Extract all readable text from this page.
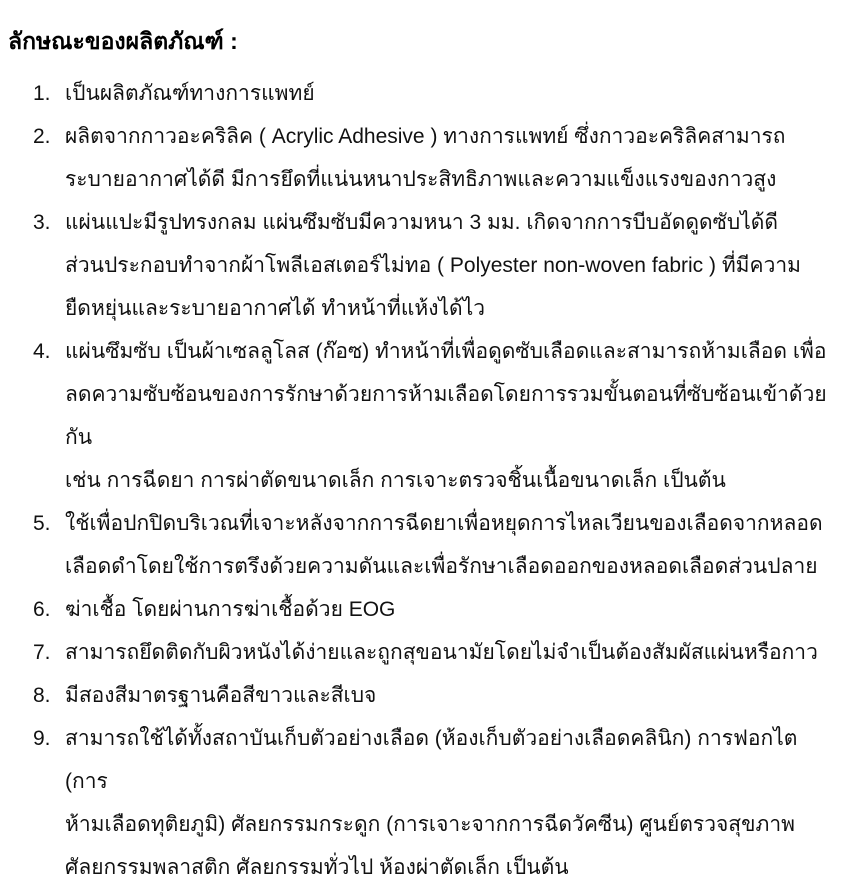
ลักษณะของผลิตภัณฑ์ :
1. เป็นผลิตภัณฑ์ทางการแพทย์
2. ผลิตจากกาวอะคริลิค ( Acrylic Adhesive ) ทางการแพทย์ ซึ่งกาวอะคริลิคสามารถ
ระบายอากาศได้ดี มีการยึดที่แน่นหนาประสิทธิภาพและความแข็งแรงของกาวสูง
3. แผ่นแปะมีรูปทรงกลม แผ่นซึมซับมีความหนา 3 มม. เกิดจากการบีบอัดดูดซับได้ดี
ส่วนประกอบทำจากผ้าโพลีเอสเตอร์ไม่ทอ ( Polyester non-woven fabric ) ที่มีความ
ยืดหยุ่นและระบายอากาศได้ ทำหน้าที่แห้งได้ไว
4. แผ่นซึมซับ เป็นผ้าเซลลูโลส (ก๊อซ) ทำหน้าที่เพื่อดูดซับเลือดและสามารถห้ามเลือด เพื่อ
ลดความซับซ้อนของการรักษาด้วยการห้ามเลือดโดยการรวมขั้นตอนที่ซับซ้อนเข้าด้วยกัน
เช่น การฉีดยา การผ่าตัดขนาดเล็ก การเจาะตรวจชิ้นเนื้อขนาดเล็ก เป็นต้น
5. ใช้เพื่อปกปิดบริเวณที่เจาะหลังจากการฉีดยาเพื่อหยุดการไหลเวียนของเลือดจากหลอด
เลือดดำโดยใช้การตรึงด้วยความดันและเพื่อรักษาเลือดออกของหลอดเลือดส่วนปลาย
6. ฆ่าเชื้อ โดยผ่านการฆ่าเชื้อด้วย EOG
7. สามารถยึดติดกับผิวหนังได้ง่ายและถูกสุขอนามัยโดยไม่จำเป็นต้องสัมผัสแผ่นหรือกาว
8. มีสองสีมาตรฐานคือสีขาวและสีเบจ
9. สามารถใช้ได้ทั้งสถาบันเก็บตัวอย่างเลือด (ห้องเก็บตัวอย่างเลือดคลินิก) การฟอกไต (การ
ห้ามเลือดทุติยภูมิ) ศัลยกรรมกระดูก (การเจาะจากการฉีดวัคซีน) ศูนย์ตรวจสุขภาพ
ศัลยกรรมพลาสติก ศัลยกรรมทั่วไป ห้องผ่าตัดเล็ก เป็นต้น
